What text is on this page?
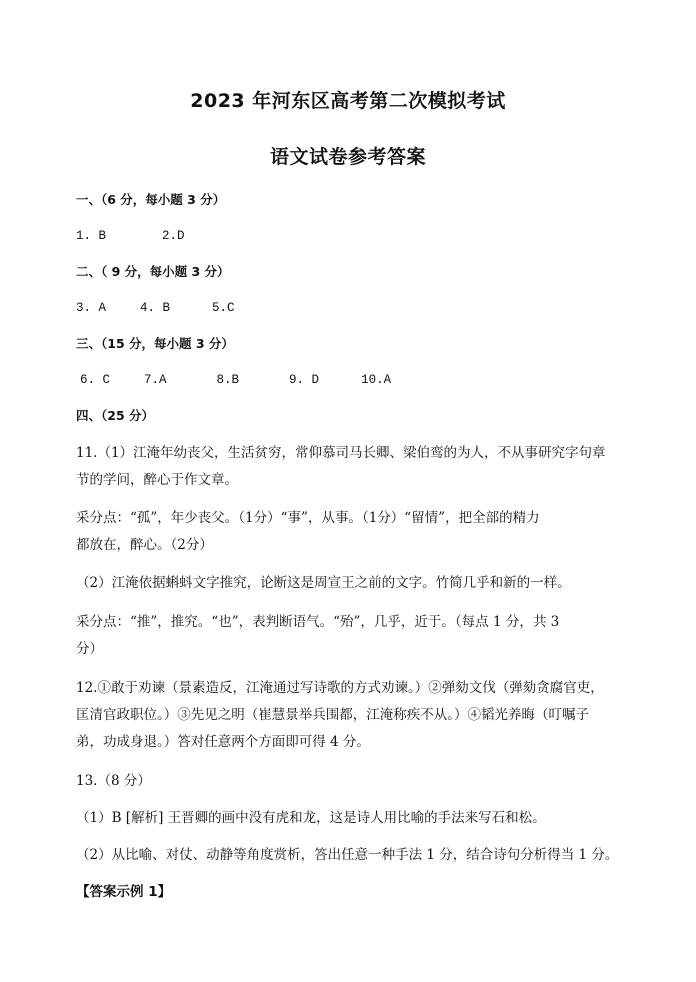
2023 年河东区高考第二次模拟考试
语文试卷参考答案
一、（6 分，每小题 3 分）
1. B	2.D
二、（ 9 分，每小题 3 分）
3. A	4. B	5.C
三、（15 分，每小题 3 分）
6. C	7.A	8.B	9. D	10.A
四、（25 分）
11.（1）江淹年幼丧父，生活贫穷，常仰慕司马长卿、梁伯鸾的为人，不从事研究字句章
节的学问，醉心于作文章。
采分点：“孤”，年少丧父。（1分）“事”，从事。（1分）“留情”，把全部的精力
都放在，醉心。（2分）
（2）江淹依据蝌蚪文字推究，论断这是周宣王之前的文字。竹简几乎和新的一样。
采分点：“推”，推究。“也”，表判断语气。“殆”，几乎，近于。（每点 1 分，共 3
分）
12.①敢于劝谏（景素造反，江淹通过写诗歌的方式劝谏。）②弹劾文伐（弹劾贪腐官吏，
匡清官政职位。）③先见之明（崔慧景举兵围都，江淹称疾不从。）④韬光养晦（叮嘱子
弟，功成身退。）答对任意两个方面即可得 4 分。
13.（8 分）
（1）B [解析] 王晋卿的画中没有虎和龙，这是诗人用比喻的手法来写石和松。
（2）从比喻、对仗、动静等角度赏析，答出任意一种手法 1 分，结合诗句分析得当 1 分。
【答案示例 1】
